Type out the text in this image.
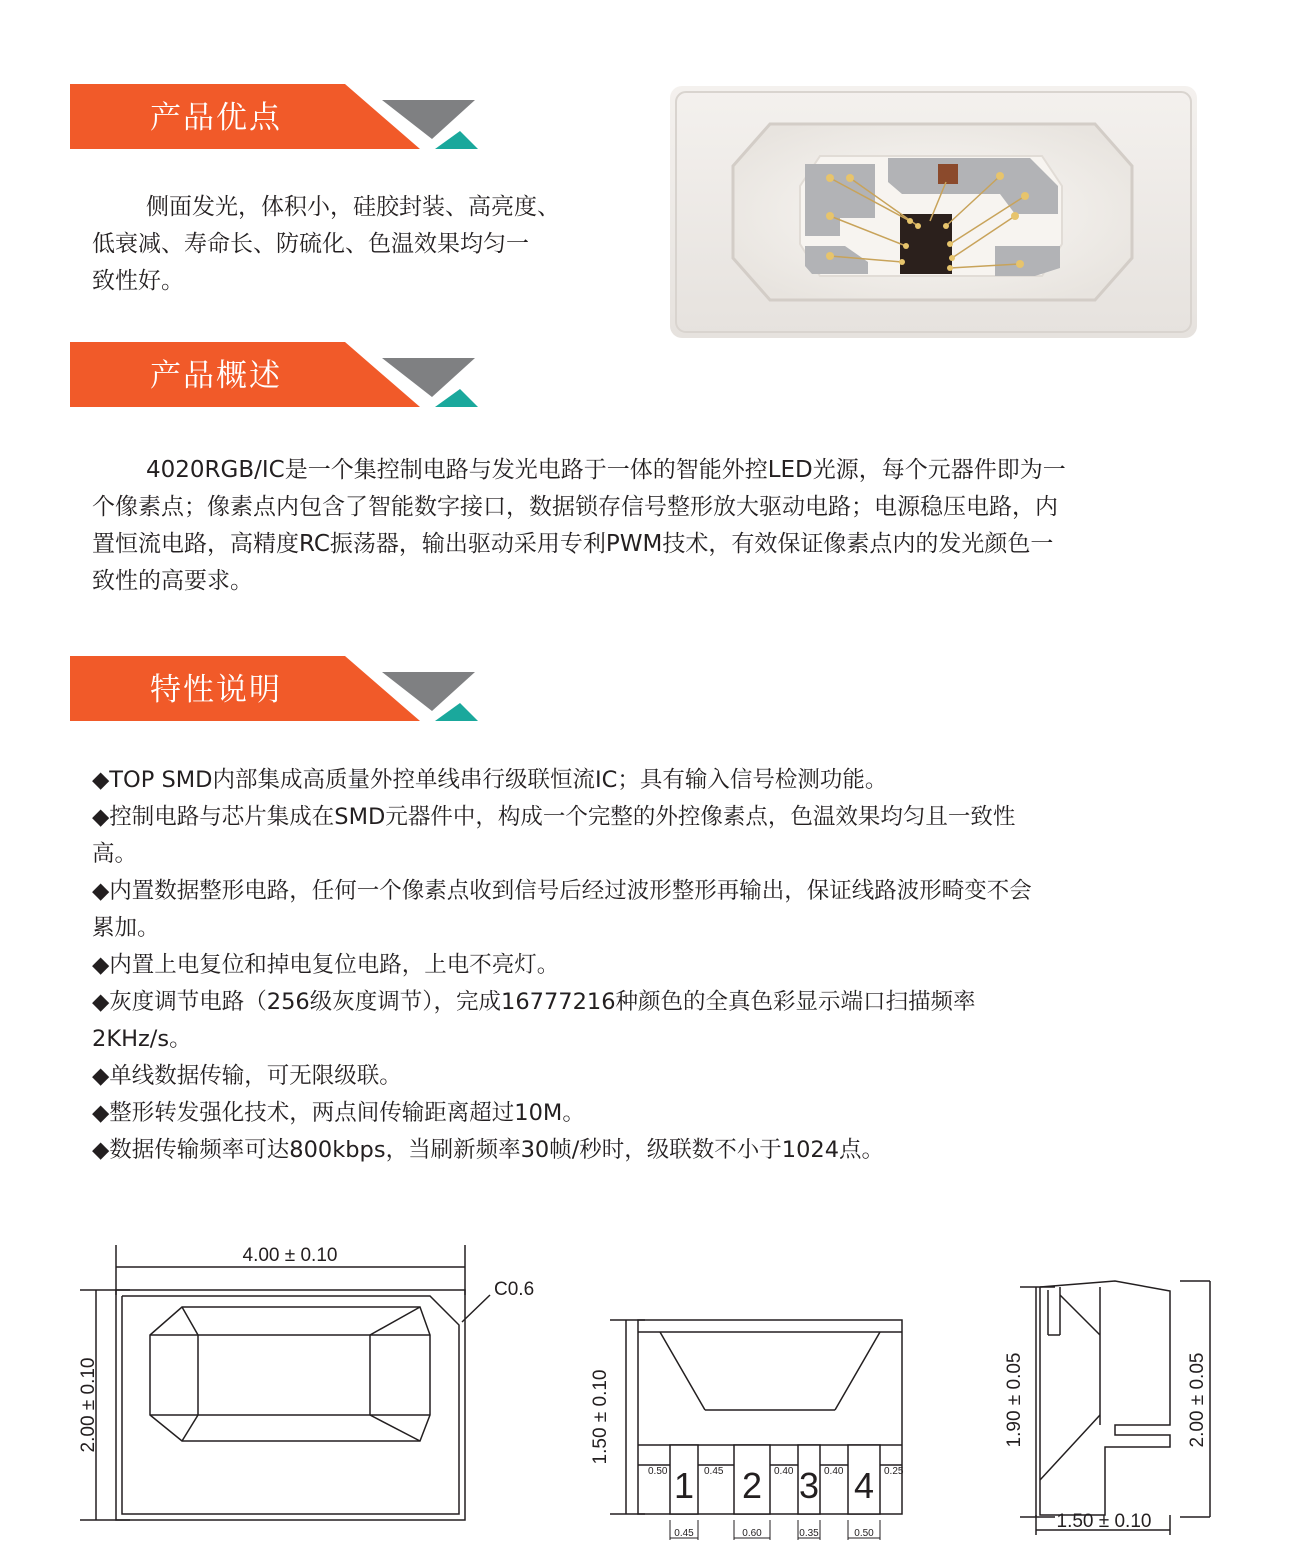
产品优点
侧面发光，体积小，硅胶封装、高亮度、
低衰减、寿命长、防硫化、色温效果均匀一
致性好。
产品概述
4020RGB/IC是一个集控制电路与发光电路于一体的智能外控LED光源，每个元器件即为一
个像素点；像素点内包含了智能数字接口，数据锁存信号整形放大驱动电路；电源稳压电路，内
置恒流电路，高精度RC振荡器，输出驱动采用专利PWM技术，有效保证像素点内的发光颜色一
致性的高要求。
特性说明
◆TOP SMD内部集成高质量外控单线串行级联恒流IC；具有输入信号检测功能。
◆控制电路与芯片集成在SMD元器件中，构成一个完整的外控像素点，色温效果均匀且一致性
高。
◆内置数据整形电路，任何一个像素点收到信号后经过波形整形再输出，保证线路波形畸变不会
累加。
◆内置上电复位和掉电复位电路，上电不亮灯。
◆灰度调节电路（256级灰度调节），完成16777216种颜色的全真色彩显示端口扫描频率
2KHz/s。
◆单线数据传输，可无限级联。
◆整形转发强化技术，两点间传输距离超过10M。
◆数据传输频率可达800kbps，当刷新频率30帧/秒时，级联数不小于1024点。
4.00 ± 0.10
2.00 ± 0.10
C0.6
1 2 3 4
0.50	0.45	0.40	0.40	0.25
0.45	0.60	0.35	0.50
1.50 ± 0.10	1.90 ± 0.05	2.00 ± 0.05
1.50 ± 0.10
